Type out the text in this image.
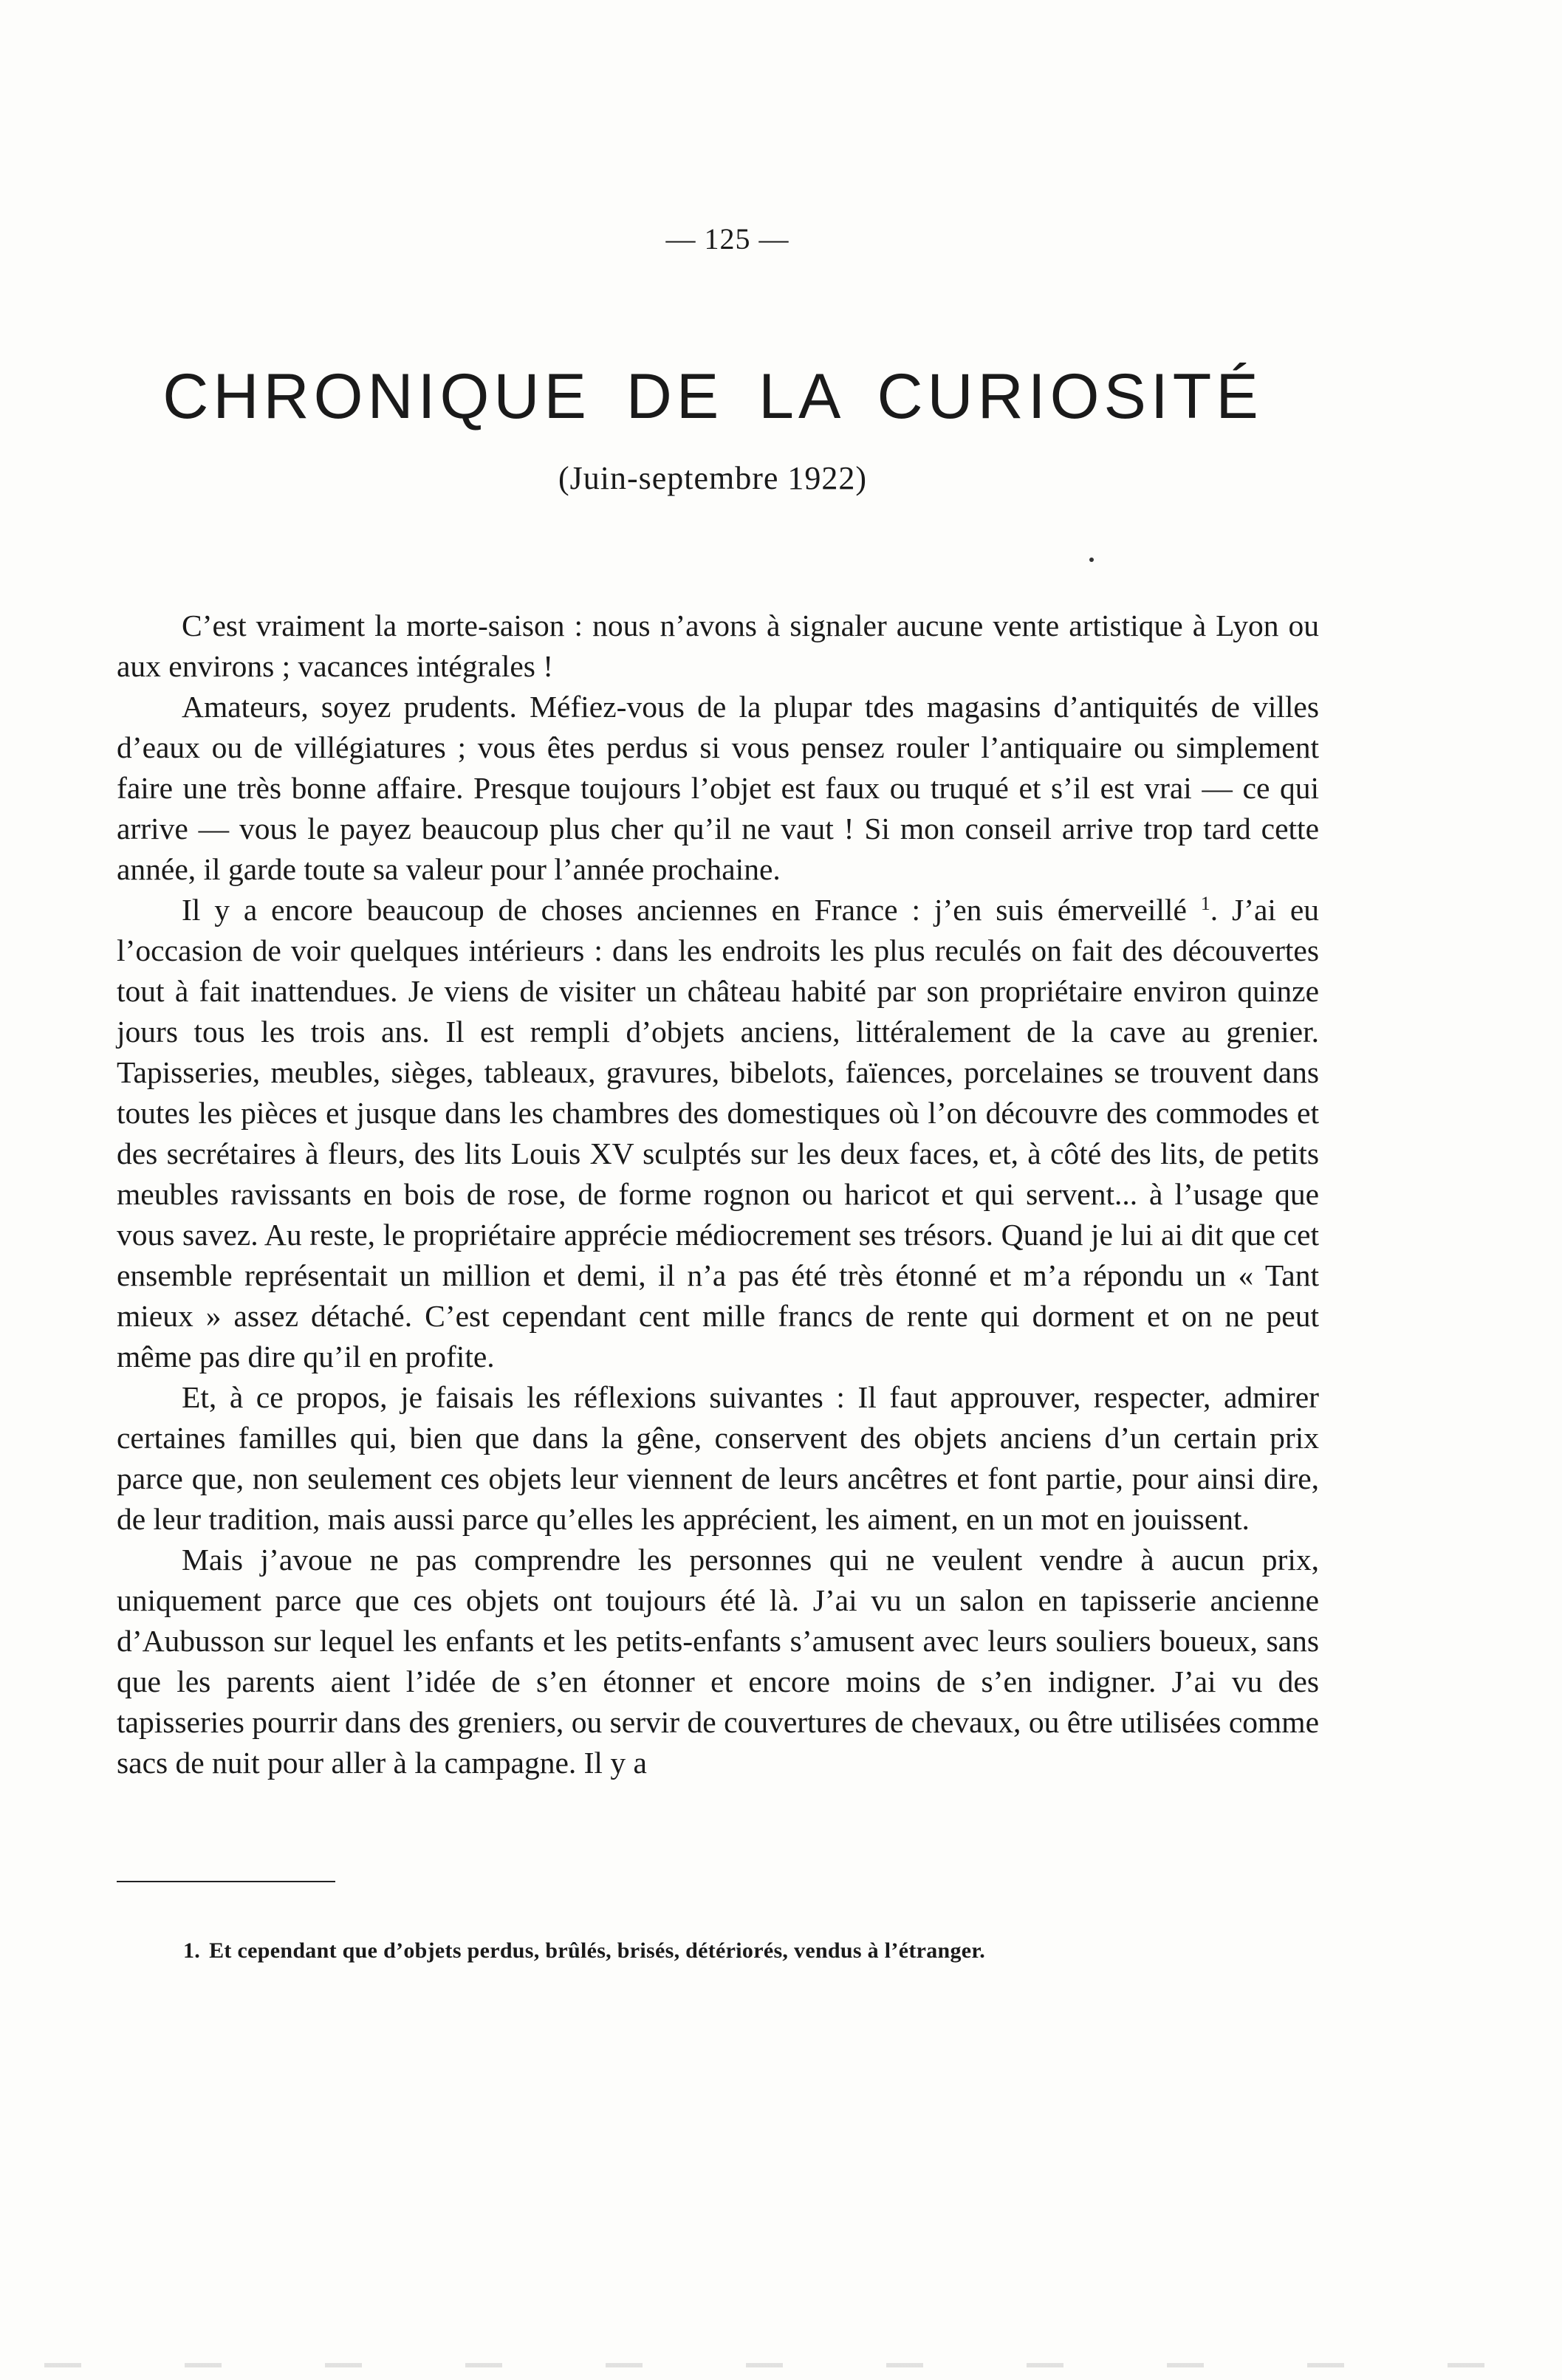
— 125 —
CHRONIQUE DE LA CURIOSITÉ
(Juin-septembre 1922)

C’est vraiment la morte-saison : nous n’avons à signaler aucune vente artistique à Lyon ou aux environs ; vacances intégrales !

Amateurs, soyez prudents. Méfiez-vous de la plupar tdes magasins d’antiquités de villes d’eaux ou de villégiatures ; vous êtes perdus si vous pensez rouler l’antiquaire ou simplement faire une très bonne affaire. Presque toujours l’objet est faux ou truqué et s’il est vrai — ce qui arrive — vous le payez beaucoup plus cher qu’il ne vaut ! Si mon conseil arrive trop tard cette année, il garde toute sa valeur pour l’année prochaine.

Il y a encore beaucoup de choses anciennes en France : j’en suis émerveillé $^1$. J’ai eu l’occasion de voir quelques intérieurs : dans les endroits les plus reculés on fait des découvertes tout à fait inattendues. Je viens de visiter un château habité par son propriétaire environ quinze jours tous les trois ans. Il est rempli d’objets anciens, littéralement de la cave au grenier. Tapisseries, meubles, sièges, tableaux, gravures, bibelots, faïences, porcelaines se trouvent dans toutes les pièces et jusque dans les chambres des domestiques où l’on découvre des commodes et des secrétaires à fleurs, des lits Louis XV sculptés sur les deux faces, et, à côté des lits, de petits meubles ravissants en bois de rose, de forme rognon ou haricot et qui servent... à l’usage que vous savez. Au reste, le propriétaire apprécie médiocrement ses trésors. Quand je lui ai dit que cet ensemble représentait un million et demi, il n’a pas été très étonné et m’a répondu un « Tant mieux » assez détaché. C’est cependant cent mille francs de rente qui dorment et on ne peut même pas dire qu’il en profite.

Et, à ce propos, je faisais les réflexions suivantes : Il faut approuver, respecter, admirer certaines familles qui, bien que dans la gêne, conservent des objets anciens d’un certain prix parce que, non seulement ces objets leur viennent de leurs ancêtres et font partie, pour ainsi dire, de leur tradition, mais aussi parce qu’elles les apprécient, les aiment, en un mot en jouissent.

Mais j’avoue ne pas comprendre les personnes qui ne veulent vendre à aucun prix, uniquement parce que ces objets ont toujours été là. J’ai vu un salon en tapisserie ancienne d’Aubusson sur lequel les enfants et les petits-enfants s’amusent avec leurs souliers boueux, sans que les parents aient l’idée de s’en étonner et encore moins de s’en indigner. J’ai vu des tapisseries pourrir dans des greniers, ou servir de couvertures de chevaux, ou être utilisées comme sacs de nuit pour aller à la campagne. Il y a

1. Et cependant que d’objets perdus, brûlés, brisés, détériorés, vendus à l’étranger.
